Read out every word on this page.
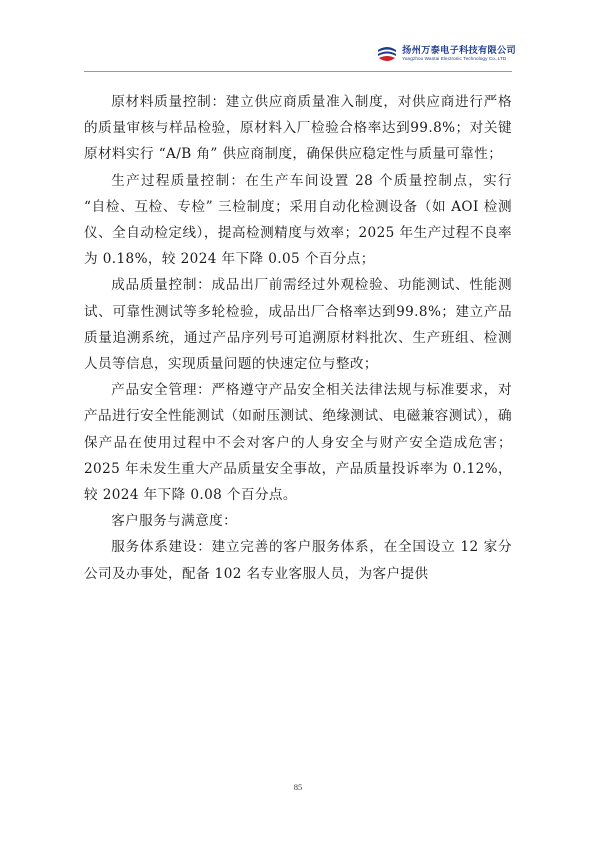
扬州万泰电子科技有限公司
Yangzhou Wantai Electronic Technology Co.,LTD

原材料质量控制：建立供应商质量准入制度，对供应商进行严格的质量审核与样品检验，原材料入厂检验合格率达到99.8%；对关键原材料实行 “A/B 角” 供应商制度，确保供应稳定性与质量可靠性；

生产过程质量控制：在生产车间设置 28 个质量控制点，实行 “自检、互检、专检” 三检制度；采用自动化检测设备（如 AOI 检测仪、全自动检定线），提高检测精度与效率；2025 年生产过程不良率为 0.18%，较 2024 年下降 0.05 个百分点；

成品质量控制：成品出厂前需经过外观检验、功能测试、性能测试、可靠性测试等多轮检验，成品出厂合格率达到99.8%；建立产品质量追溯系统，通过产品序列号可追溯原材料批次、生产班组、检测人员等信息，实现质量问题的快速定位与整改；

产品安全管理：严格遵守产品安全相关法律法规与标准要求，对产品进行安全性能测试（如耐压测试、绝缘测试、电磁兼容测试），确保产品在使用过程中不会对客户的人身安全与财产安全造成危害；2025 年未发生重大产品质量安全事故，产品质量投诉率为 0.12%，较 2024 年下降 0.08 个百分点。

客户服务与满意度：

服务体系建设：建立完善的客户服务体系，在全国设立 12 家分公司及办事处，配备 102 名专业客服人员，为客户提供

85
